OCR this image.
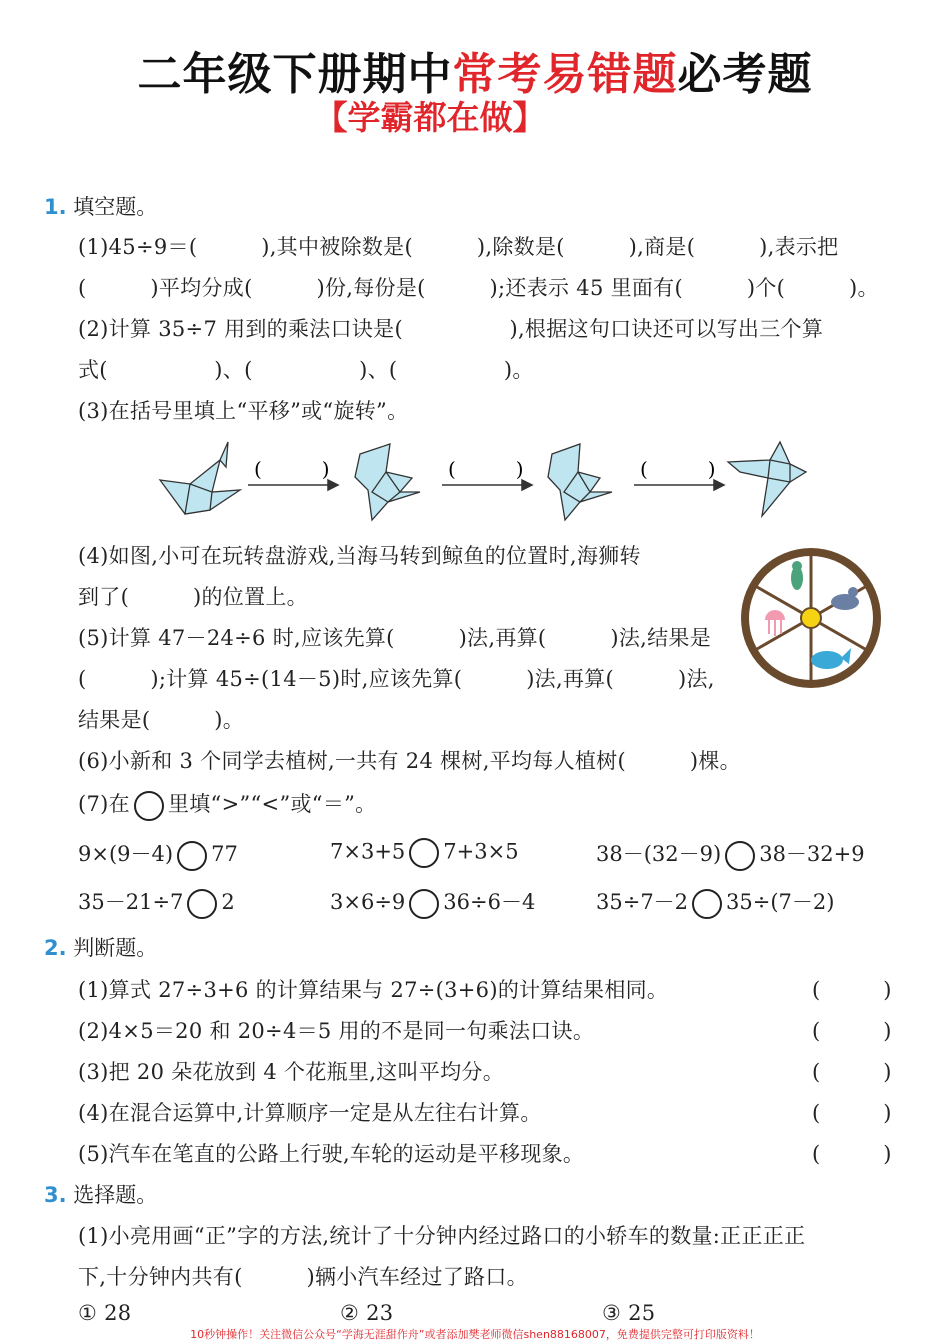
二年级下册期中常考易错题必考题
【学霸都在做】
1. 填空题。
(1)45÷9＝(　　　),其中被除数是(　　　),除数是(　　　),商是(　　　),表示把
(　　　)平均分成(　　　)份,每份是(　　　);还表示 45 里面有(　　　)个(　　　)。
(2)计算 35÷7 用到的乘法口诀是(　　　　　),根据这句口诀还可以写出三个算
式(　　　　　)、(　　　　　)、(　　　　　)。
(3)在括号里填上“平移”或“旋转”。
(　　　)	(　　　)	(　　　)
(4)如图,小可在玩转盘游戏,当海马转到鲸鱼的位置时,海狮转
到了(　　　)的位置上。
(5)计算 47－24÷6 时,应该先算(　　　)法,再算(　　　)法,结果是
(　　　);计算 45÷(14－5)时,应该先算(　　　)法,再算(　　　)法,
结果是(　　　)。
(6)小新和 3 个同学去植树,一共有 24 棵树,平均每人植树(　　　)棵。
(7)在 里填“>”“<”或“＝”。
9×(9－4) 77	7×3+5 7+3×5	38－(32－9) 38－32+9
35－21÷7 2	3×6÷9 36÷6－4	35÷7－2 35÷(7－2)
2. 判断题。
(1)算式 27÷3+6 的计算结果与 27÷(3+6)的计算结果相同。	(　　　)
(2)4×5＝20 和 20÷4＝5 用的不是同一句乘法口诀。	(　　　)
(3)把 20 朵花放到 4 个花瓶里,这叫平均分。	(　　　)
(4)在混合运算中,计算顺序一定是从左往右计算。	(　　　)
(5)汽车在笔直的公路上行驶,车轮的运动是平移现象。	(　　　)
3. 选择题。
(1)小亮用画“正”字的方法,统计了十分钟内经过路口的小轿车的数量:正正正正
下,十分钟内共有(　　　)辆小汽车经过了路口。
① 28	② 23	③ 25
10秒钟操作！关注微信公众号“学海无涯甜作舟”或者添加樊老师微信shen88168007，免费提供完整可打印版资料！
